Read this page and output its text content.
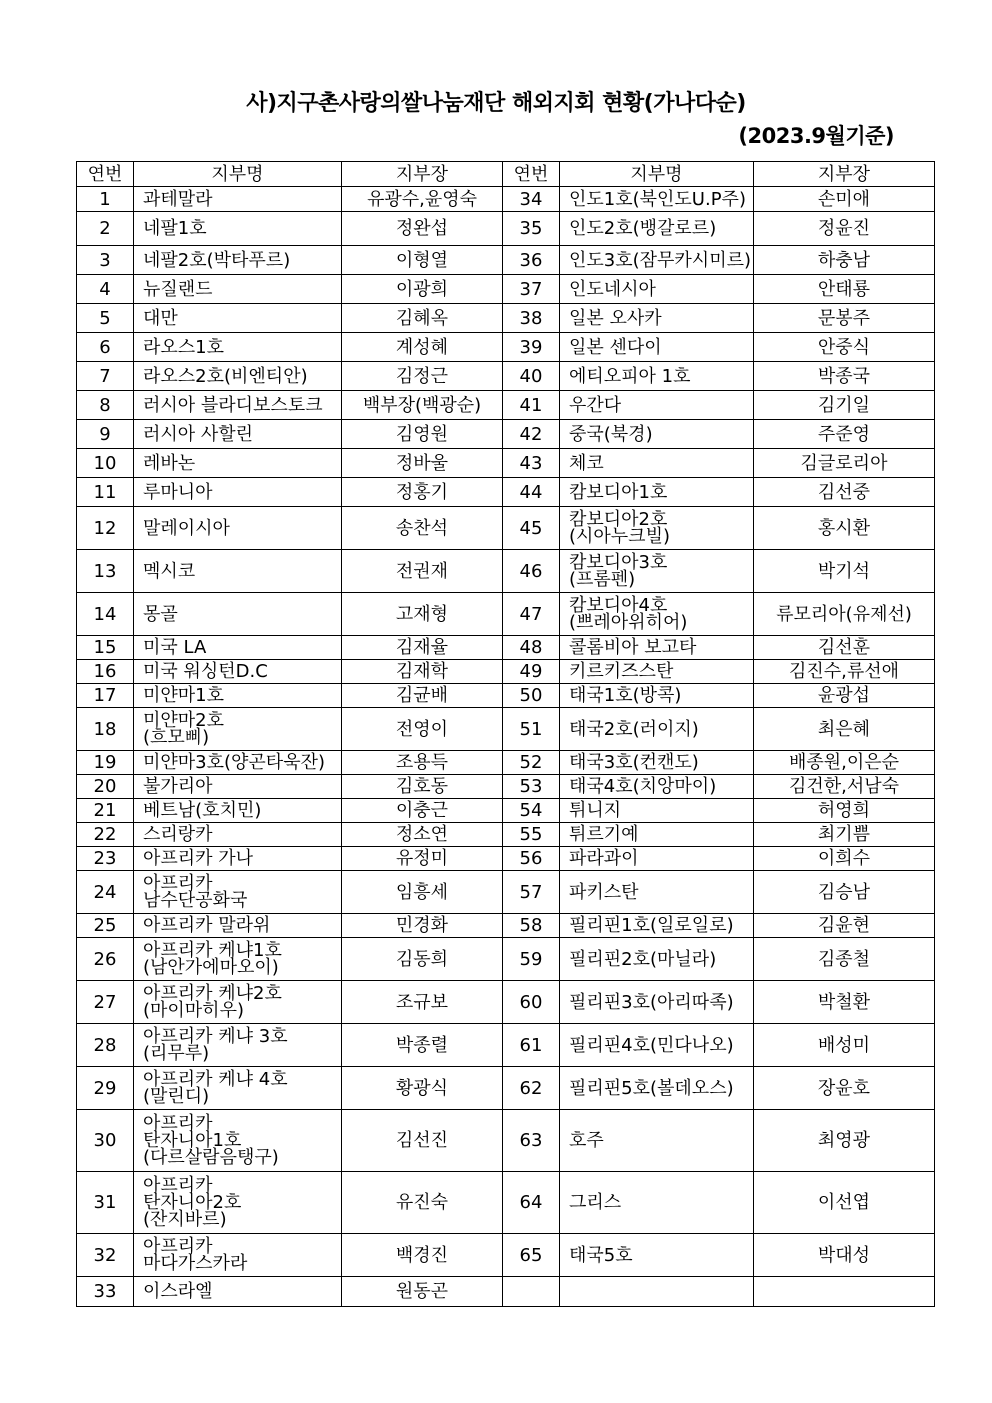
사)지구촌사랑의쌀나눔재단 해외지회 현황(가나다순)
(2023.9월기준)
연번	지부명	지부장	연번	지부명	지부장
1	과테말라	유광수,윤영숙	34	인도1호(북인도U.P주)	손미애
2	네팔1호	정완섭	35	인도2호(뱅갈로르)	정윤진
3	네팔2호(박타푸르)	이형열	36	인도3호(잠무카시미르)	하충남
4	뉴질랜드	이광희	37	인도네시아	안태룡
5	대만	김혜옥	38	일본 오사카	문봉주
6	라오스1호	계성혜	39	일본 센다이	안중식
7	라오스2호(비엔티안)	김정근	40	에티오피아 1호	박종국
8	러시아 블라디보스토크	백부장(백광순)	41	우간다	김기일
9	러시아 사할린	김영원	42	중국(북경)	주준영
10	레바논	정바울	43	체코	김글로리아
11	루마니아	정홍기	44	캄보디아1호	김선중
12	말레이시아	송찬석	45	캄보디아2호
(시아누크빌)	홍시환
13	멕시코	전권재	46	캄보디아3호
(프롬펜)	박기석
14	몽골	고재형	47	캄보디아4호
(쁘레아위히어)	류모리아(유제선)
15	미국 LA	김재율	48	콜롬비아 보고타	김선훈
16	미국 워싱턴D.C	김재학	49	키르키즈스탄	김진수,류선애
17	미얀마1호	김균배	50	태국1호(방콕)	윤광섭
18	미얀마2호
(흐모삐)	전영이	51	태국2호(러이지)	최은혜
19	미얀마3호(양곤타욱잔)	조용득	52	태국3호(컨캔도)	배종원,이은순
20	불가리아	김호동	53	태국4호(치앙마이)	김건한,서남숙
21	베트남(호치민)	이충근	54	튀니지	허영희
22	스리랑카	정소연	55	튀르기예	최기쁨
23	아프리카 가나	유정미	56	파라과이	이희수
24	아프리카
남수단공화국	임흥세	57	파키스탄	김승남
25	아프리카 말라위	민경화	58	필리핀1호(일로일로)	김윤현
26	아프리카 케냐1호
(남안가에마오이)	김동희	59	필리핀2호(마닐라)	김종철
27	아프리카 케냐2호
(마이마히우)	조규보	60	필리핀3호(아리따족)	박철환
28	아프리카 케냐 3호
(리무루)	박종렬	61	필리핀4호(민다나오)	배성미
29	아프리카 케냐 4호
(말린디)	황광식	62	필리핀5호(볼데오스)	장윤호
30	아프리카
탄자니아1호
(다르살람음탱구)	김선진	63	호주	최영광
31	아프리카
탄자니아2호
(잔지바르)	유진숙	64	그리스	이선엽
32	아프리카
마다가스카라	백경진	65	태국5호	박대성
33	이스라엘	원동곤		
